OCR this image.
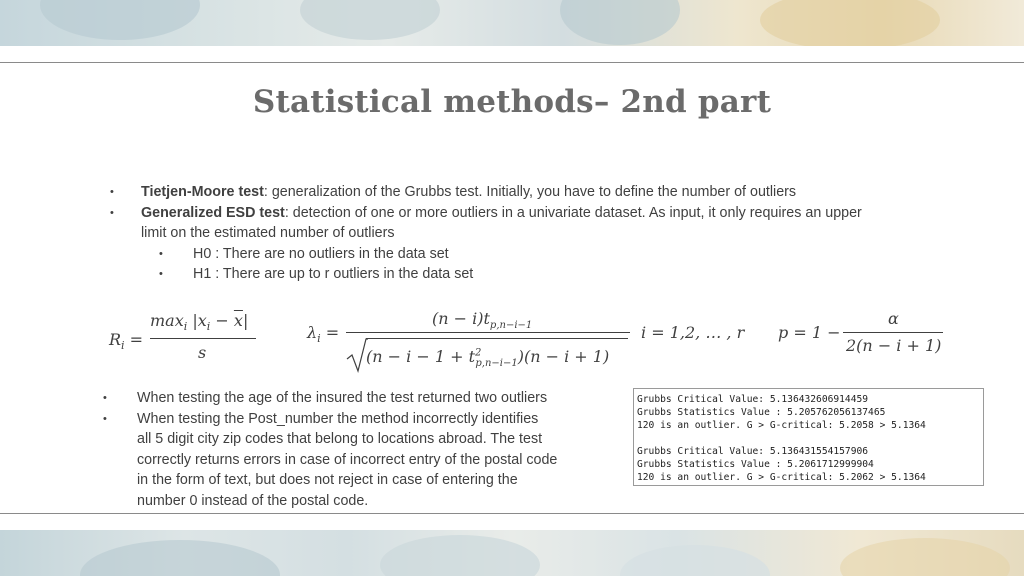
Statistical methods– 2nd part
• Tietjen-Moore test: generalization of the Grubbs test. Initially, you have to define the number of outliers
• Generalized ESD test: detection of one or more outliers in a univariate dataset. As input, it only requires an upper
limit on the estimated number of outliers
• H0 : There are no outliers in the data set
• H1 : There are up to r outliers in the data set
$R_i$ =
$\max_i |x_i - \overline{x}|$
s
$\lambda_i$ =
$(n - i)t_{p,n-i-1}$
$(n - i - 1 + t^2_{p,n-i-1})(n - i + 1)$
i = 1,2, … , r p = 1 −
α
2(n − i + 1)
• When testing the age of the insured the test returned two outliers
• When testing the Post_number the method incorrectly identifies
all 5 digit city zip codes that belong to locations abroad. The test
correctly returns errors in case of incorrect entry of the postal code
in the form of text, but does not reject in case of entering the
number 0 instead of the postal code.
Grubbs Critical Value: 5.136432606914459
Grubbs Statistics Value : 5.205762056137465
120 is an outlier. G > G-critical: 5.2058 > 5.1364

Grubbs Critical Value: 5.136431554157906
Grubbs Statistics Value : 5.2061712999904
120 is an outlier. G > G-critical: 5.2062 > 5.1364
